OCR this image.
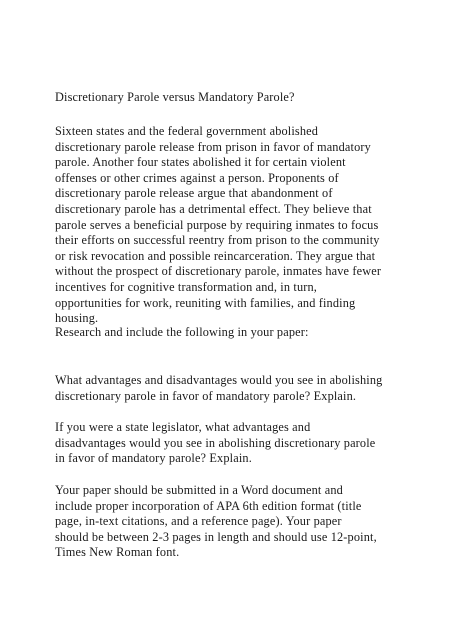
Discretionary Parole versus Mandatory Parole?

Sixteen states and the federal government abolished
discretionary parole release from prison in favor of mandatory
parole. Another four states abolished it for certain violent
offenses or other crimes against a person. Proponents of
discretionary parole release argue that abandonment of
discretionary parole has a detrimental effect. They believe that
parole serves a beneficial purpose by requiring inmates to focus
their efforts on successful reentry from prison to the community
or risk revocation and possible reincarceration. They argue that
without the prospect of discretionary parole, inmates have fewer
incentives for cognitive transformation and, in turn,
opportunities for work, reuniting with families, and finding
housing.

Research and include the following in your paper:

What advantages and disadvantages would you see in abolishing
discretionary parole in favor of mandatory parole? Explain.

If you were a state legislator, what advantages and
disadvantages would you see in abolishing discretionary parole
in favor of mandatory parole? Explain.

Your paper should be submitted in a Word document and
include proper incorporation of APA 6th edition format (title
page, in-text citations, and a reference page). Your paper
should be between 2-3 pages in length and should use 12-point,
Times New Roman font.
